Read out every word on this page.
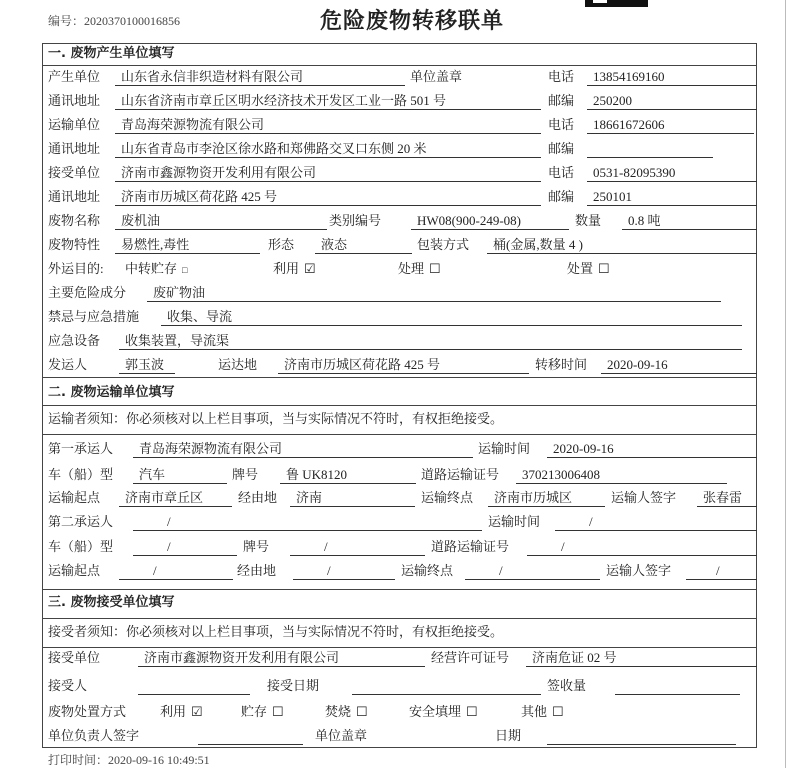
编号：2020370100016856	危险废物转移联单
一. 废物产生单位填写
产生单位	山东省永信非织造材料有限公司	单位盖章	电话	13854169160
通讯地址	山东省济南市章丘区明水经济技术开发区工业一路 501 号	邮编	250200
运输单位	青岛海荣源物流有限公司	电话	18661672606
通讯地址	山东省青岛市李沧区徐水路和郑佛路交叉口东侧 20 米	邮编
接受单位	济南市鑫源物资开发利用有限公司	电话	0531-82095390
通讯地址	济南市历城区荷花路 425 号	邮编	250101
废物名称	废机油	类别编号	HW08(900-249-08)	数量	0.8 吨
废物特性	易燃性,毒性	形态	液态	包装方式	桶(金属,数量 4 )
外运目的: 中转贮存 □	利用 ☑	处理 ☐	处置 ☐
主要危险成分	废矿物油
禁忌与应急措施	收集、导流
应急设备	收集装置，导流渠
发运人	郭玉波	运达地	济南市历城区荷花路 425 号	转移时间	2020-09-16
二. 废物运输单位填写
运输者须知：你必须核对以上栏目事项，当与实际情况不符时，有权拒绝接受。
第一承运人	青岛海荣源物流有限公司	运输时间	2020-09-16
车（船）型	汽车	牌号	鲁 UK8120	道路运输证号	370213006408
运输起点	济南市章丘区	经由地	济南	运输终点	济南市历城区	运输人签字	张春雷
第二承运人	/	运输时间	/
车（船）型	/	牌号	/	道路运输证号	/
运输起点	/	经由地	/	运输终点	/	运输人签字	/
三. 废物接受单位填写
接受者须知：你必须核对以上栏目事项，当与实际情况不符时，有权拒绝接受。
接受单位	济南市鑫源物资开发利用有限公司	经营许可证号	济南危证 02 号
接受人	接受日期	签收量
废物处置方式	利用 ☑	贮存 ☐	焚烧 ☐	安全填埋 ☐	其他 ☐
单位负责人签字	单位盖章	日期
打印时间：2020-09-16 10:49:51
